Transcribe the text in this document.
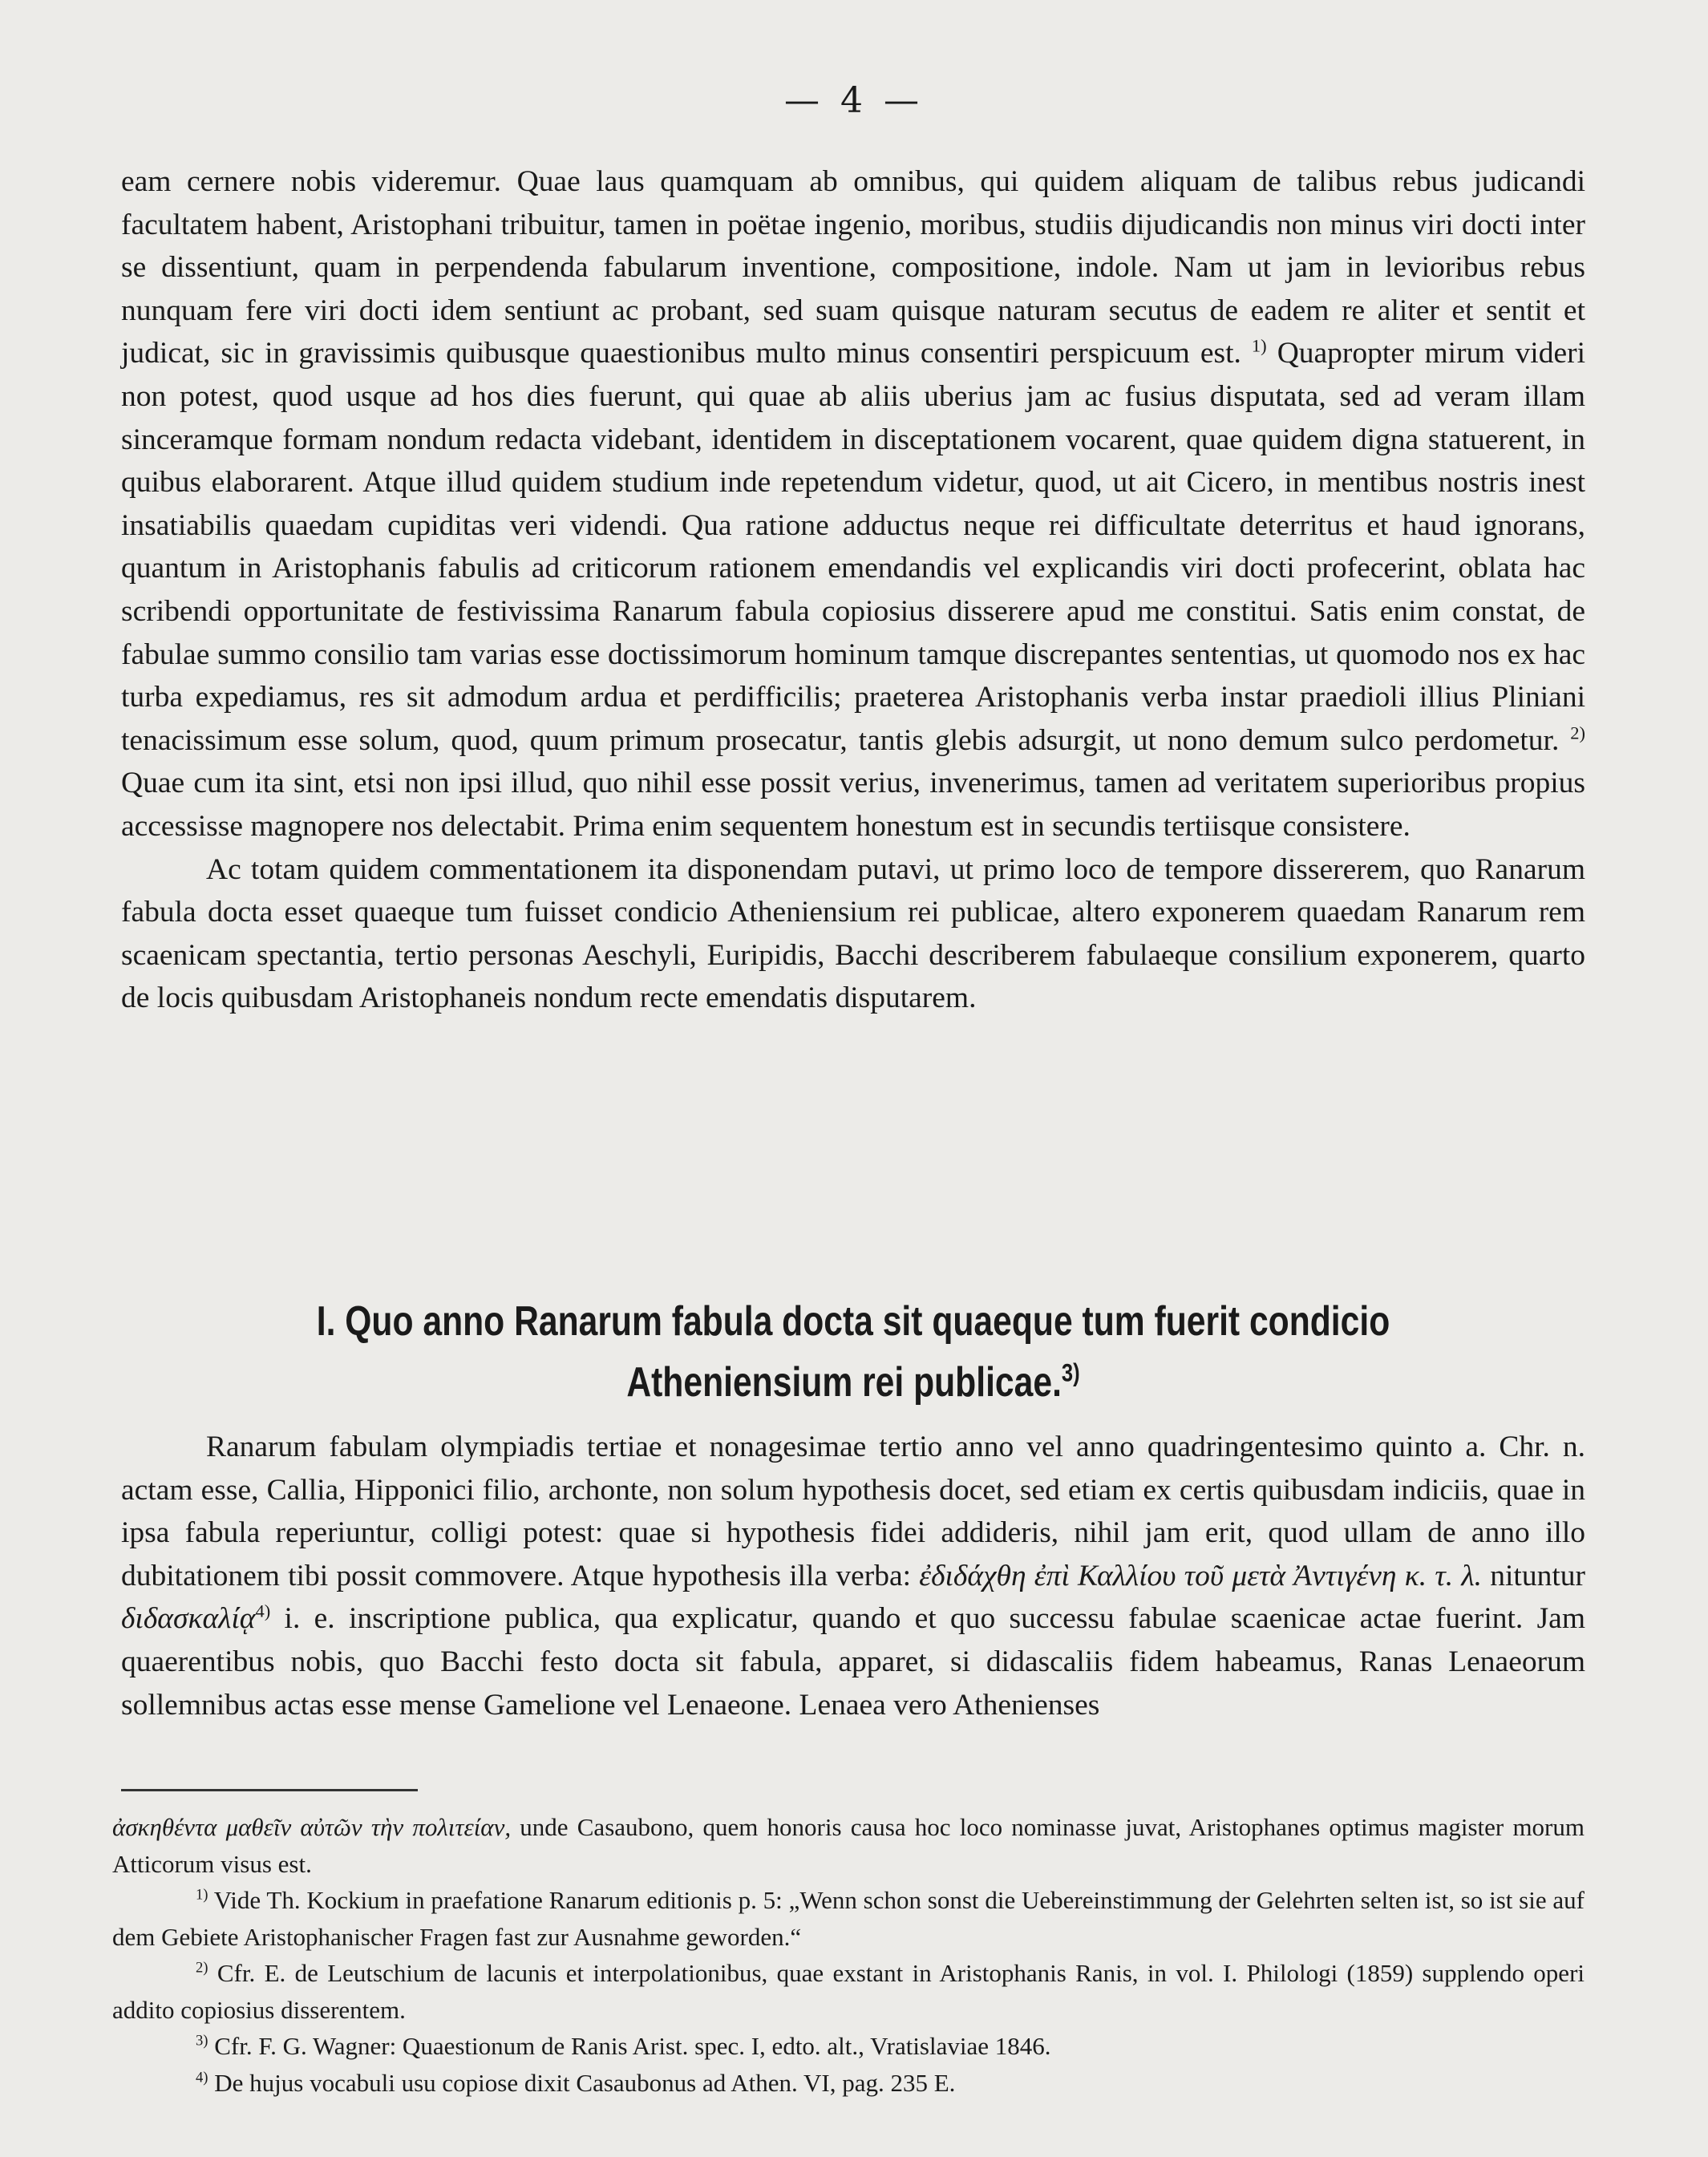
— 4 —

eam cernere nobis videremur. Quae laus quamquam ab omnibus, qui quidem aliquam de talibus rebus judicandi facultatem habent, Aristophani tribuitur, tamen in poëtae ingenio, moribus, studiis dijudicandis non minus viri docti inter se dissentiunt, quam in perpendenda fabularum inventione, compositione, indole. Nam ut jam in levioribus rebus nunquam fere viri docti idem sentiunt ac probant, sed suam quisque naturam secutus de eadem re aliter et sentit et judicat, sic in gravissimis quibusque quaestionibus multo minus consentiri perspicuum est. $^{1)}$ Quapropter mirum videri non potest, quod usque ad hos dies fuerunt, qui quae ab aliis uberius jam ac fusius disputata, sed ad veram illam sinceramque formam nondum redacta videbant, identidem in disceptationem vocarent, quae quidem digna statuerent, in quibus elaborarent. Atque illud quidem studium inde repetendum videtur, quod, ut ait Cicero, in mentibus nostris inest insatiabilis quaedam cupiditas veri videndi. Qua ratione adductus neque rei difficultate deterritus et haud ignorans, quantum in Aristophanis fabulis ad criticorum rationem emendandis vel explicandis viri docti profecerint, oblata hac scribendi opportunitate de festivissima Ranarum fabula copiosius disserere apud me constitui. Satis enim constat, de fabulae summo consilio tam varias esse doctissimorum hominum tamque discrepantes sententias, ut quomodo nos ex hac turba expediamus, res sit admodum ardua et perdifficilis; praeterea Aristophanis verba instar praedioli illius Pliniani tenacissimum esse solum, quod, quum primum prosecatur, tantis glebis adsurgit, ut nono demum sulco perdometur. $^{2)}$ Quae cum ita sint, etsi non ipsi illud, quo nihil esse possit verius, invenerimus, tamen ad veritatem superioribus propius accessisse magnopere nos delectabit. Prima enim sequentem honestum est in secundis tertiisque consistere.

Ac totam quidem commentationem ita disponendam putavi, ut primo loco de tempore dissererem, quo Ranarum fabula docta esset quaeque tum fuisset condicio Atheniensium rei publicae, altero exponerem quaedam Ranarum rem scaenicam spectantia, tertio personas Aeschyli, Euripidis, Bacchi describerem fabulaeque consilium exponerem, quarto de locis quibusdam Aristophaneis nondum recte emendatis disputarem.

I. Quo anno Ranarum fabula docta sit quaeque tum fuerit condicio Atheniensium rei publicae.$^{3)}$

Ranarum fabulam olympiadis tertiae et nonagesimae tertio anno vel anno quadringentesimo quinto a. Chr. n. actam esse, Callia, Hipponici filio, archonte, non solum hypothesis docet, sed etiam ex certis quibusdam indiciis, quae in ipsa fabula reperiuntur, colligi potest: quae si hypothesis fidei addideris, nihil jam erit, quod ullam de anno illo dubitationem tibi possit commovere. Atque hypothesis illa verba: ἐδιδάχθη ἐπὶ Καλλίου τοῦ μετὰ Ἀντιγένη κ. τ. λ. nituntur διδασκαλίᾳ$^{4)}$ i. e. inscriptione publica, qua explicatur, quando et quo successu fabulae scaenicae actae fuerint. Jam quaerentibus nobis, quo Bacchi festo docta sit fabula, apparet, si didascaliis fidem habeamus, Ranas Lenaeorum sollemnibus actas esse mense Gamelione vel Lenaeone. Lenaea vero Athenienses

ἀσκηθέντα μαθεῖν αὐτῶν τὴν πολιτείαν, unde Casaubono, quem honoris causa hoc loco nominasse juvat, Aristophanes optimus magister morum Atticorum visus est.

$^{1)}$ Vide Th. Kockium in praefatione Ranarum editionis p. 5: „Wenn schon sonst die Uebereinstimmung der Gelehrten selten ist, so ist sie auf dem Gebiete Aristophanischer Fragen fast zur Ausnahme geworden.“

$^{2)}$ Cfr. E. de Leutschium de lacunis et interpolationibus, quae exstant in Aristophanis Ranis, in vol. I. Philologi (1859) supplendo operi addito copiosius disserentem.

$^{3)}$ Cfr. F. G. Wagner: Quaestionum de Ranis Arist. spec. I, edto. alt., Vratislaviae 1846.

$^{4)}$ De hujus vocabuli usu copiose dixit Casaubonus ad Athen. VI, pag. 235 E.
